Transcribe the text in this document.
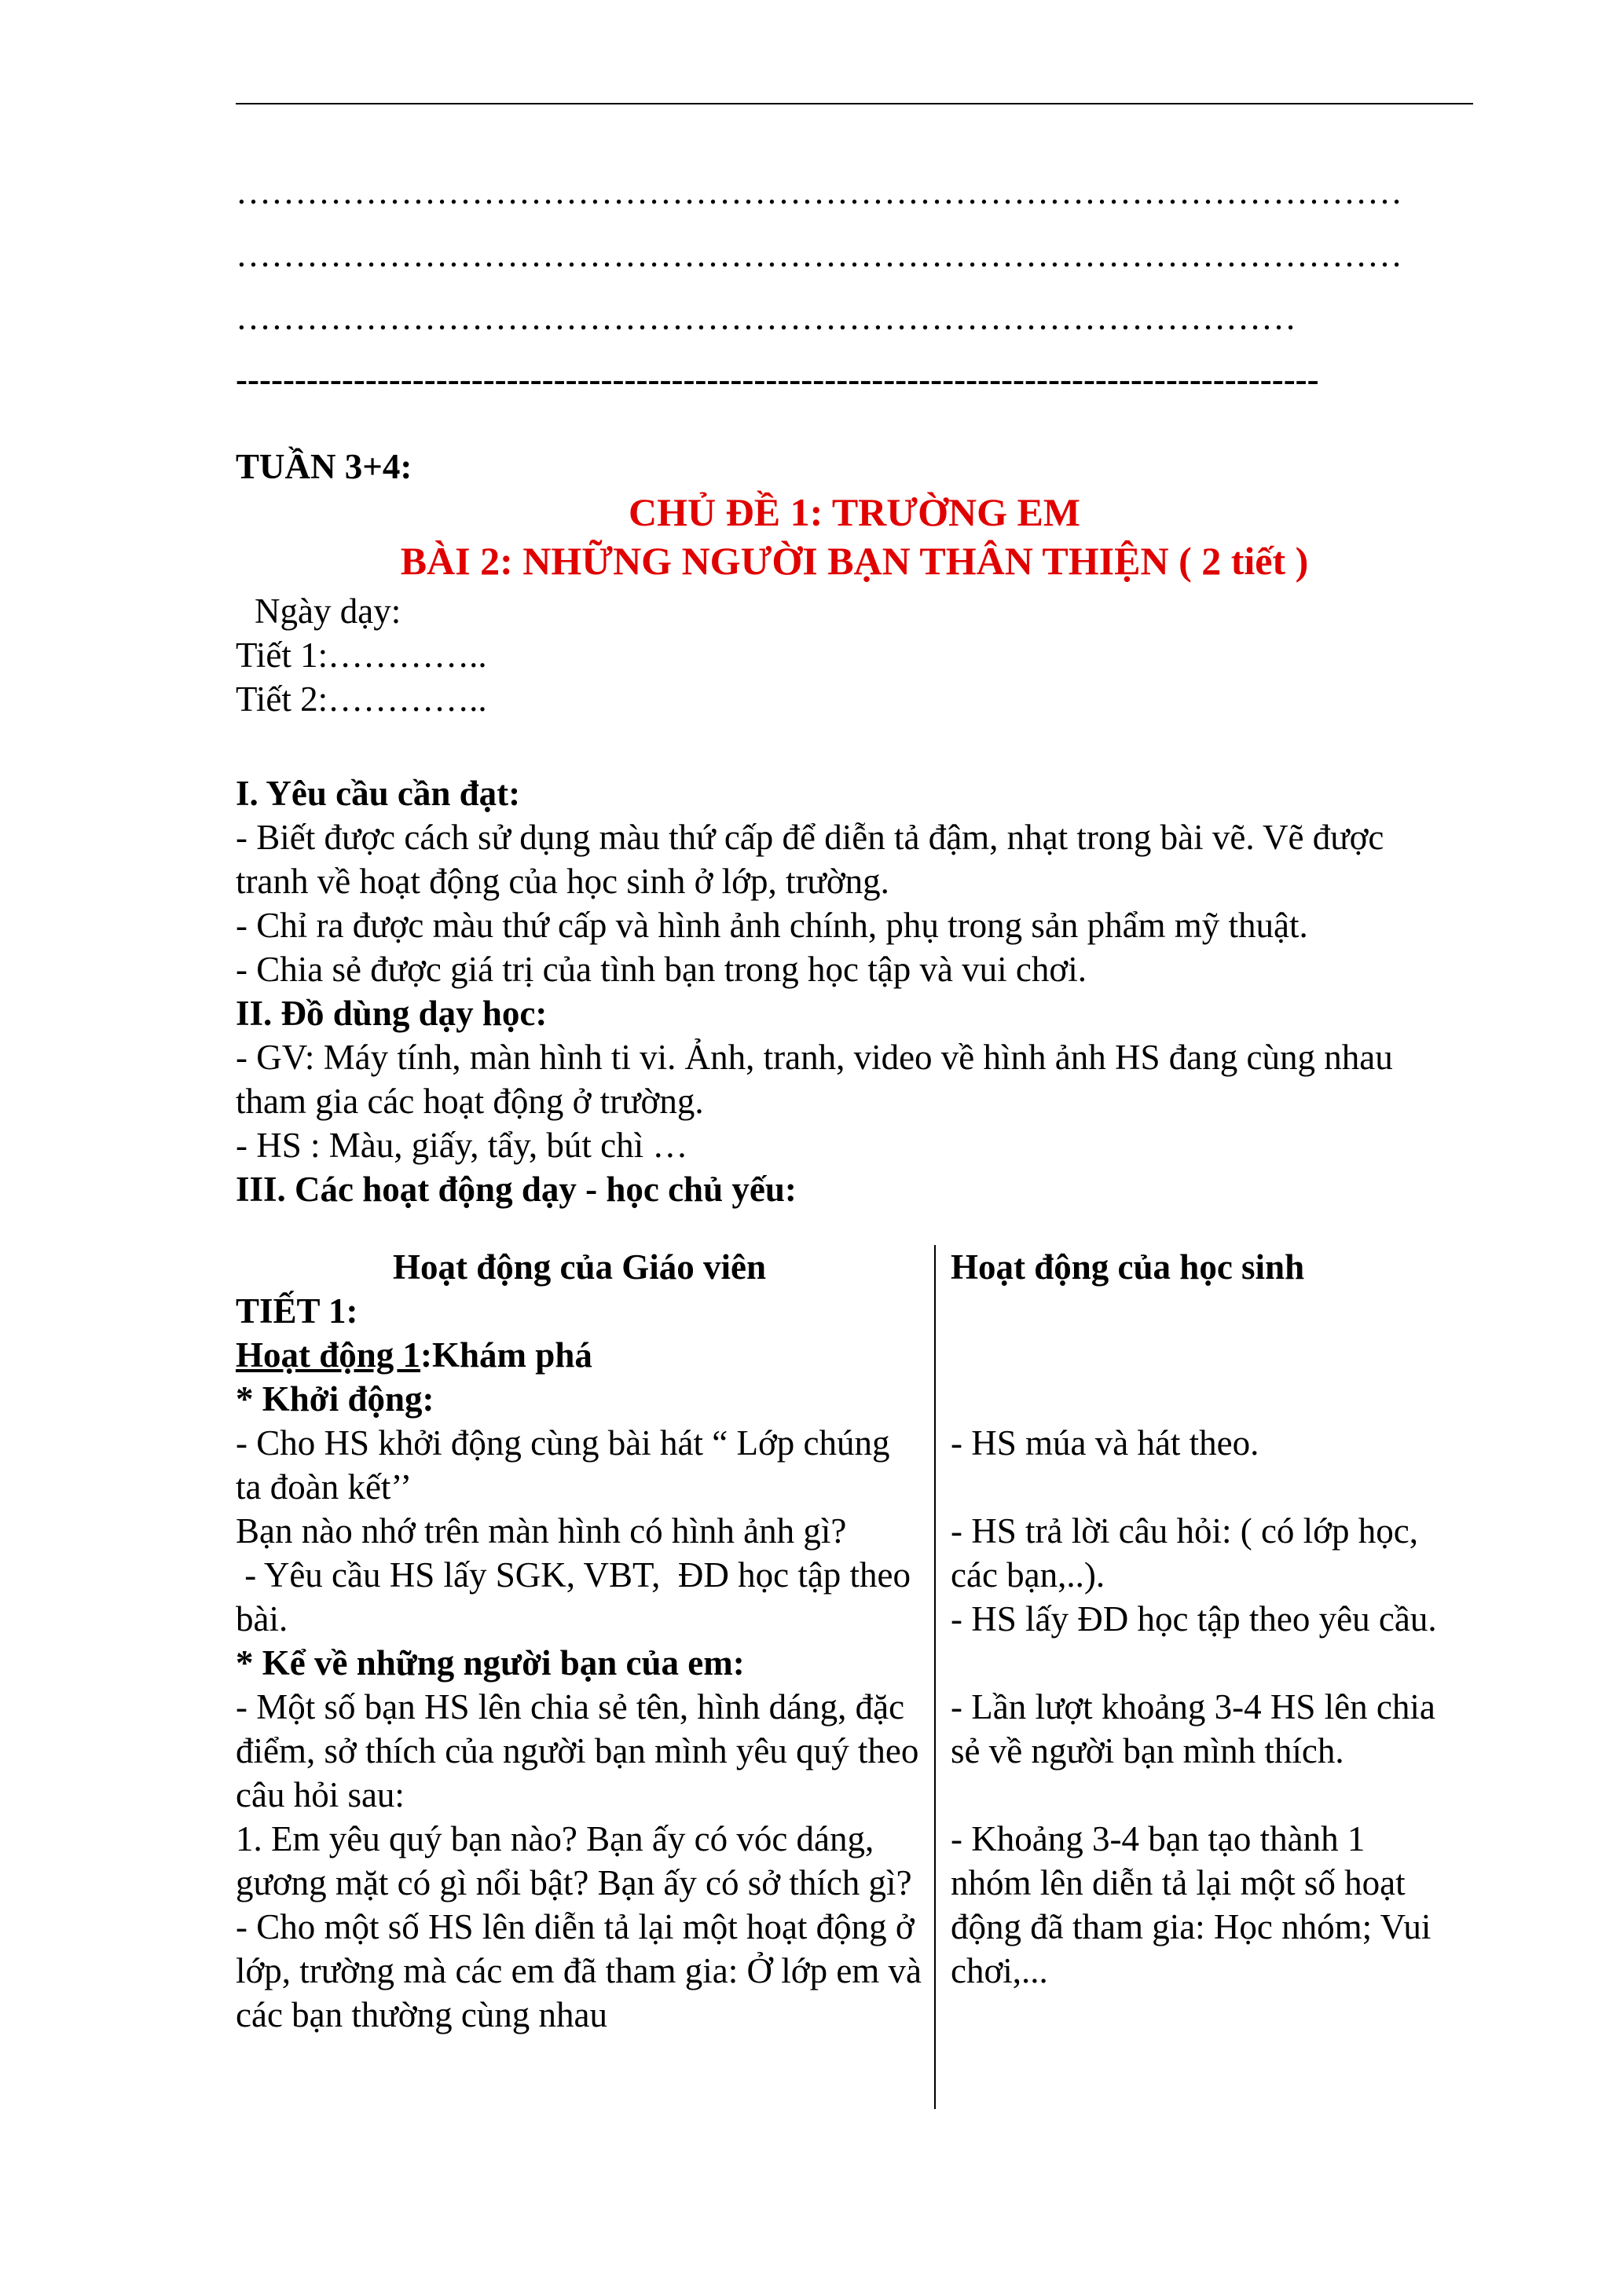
………………………………………………………………………………………
………………………………………………………………………………………
………………………………………………………………………………
--------------------------------------------------------------------------------------------
TUẦN 3+4:
CHỦ ĐỀ 1: TRƯỜNG EM
BÀI 2: NHỮNG NGƯỜI BẠN THÂN THIỆN ( 2 tiết )
Ngày dạy:
Tiết 1:…………..
Tiết 2:…………..

I. Yêu cầu cần đạt:

- Biết được cách sử dụng màu thứ cấp để diễn tả đậm, nhạt trong bài vẽ. Vẽ được tranh về hoạt động của học sinh ở lớp, trường.

- Chỉ ra được màu thứ cấp và hình ảnh chính, phụ trong sản phẩm mỹ thuật.

- Chia sẻ được giá trị của tình bạn trong học tập và vui chơi.

II. Đồ dùng dạy học:

- GV: Máy tính, màn hình ti vi. Ảnh, tranh, video về hình ảnh HS đang cùng nhau tham gia các hoạt động ở trường.

- HS : Màu, giấy, tẩy, bút chì …

III. Các hoạt động dạy - học chủ yếu:

Hoạt động của Giáo viên

TIẾT 1:

Hoạt động 1:Khám phá

* Khởi động:

- Cho HS khởi động cùng bài hát “ Lớp chúng ta đoàn kết’’

Bạn nào nhớ trên màn hình có hình ảnh gì?

- Yêu cầu HS lấy SGK, VBT,  ĐD học tập theo bài.

* Kể về những người bạn của em:

- Một số bạn HS lên chia sẻ tên, hình dáng, đặc điểm, sở thích của người bạn mình yêu quý theo câu hỏi sau:

1. Em yêu quý bạn nào? Bạn ấy có vóc dáng, gương mặt có gì nổi bật? Bạn ấy có sở thích gì?

- Cho một số HS lên diễn tả lại một hoạt động ở lớp, trường mà các em đã tham gia: Ở lớp em và các bạn thường cùng nhau

Hoạt động của học sinh

- HS múa và hát theo.

- HS trả lời câu hỏi: ( có lớp học, các bạn,..).

- HS lấy ĐD học tập theo yêu cầu.

- Lần lượt khoảng 3-4 HS lên chia sẻ về người bạn mình thích.

- Khoảng 3-4 bạn tạo thành 1 nhóm lên diễn tả lại một số hoạt động đã tham gia: Học nhóm; Vui chơi,...
